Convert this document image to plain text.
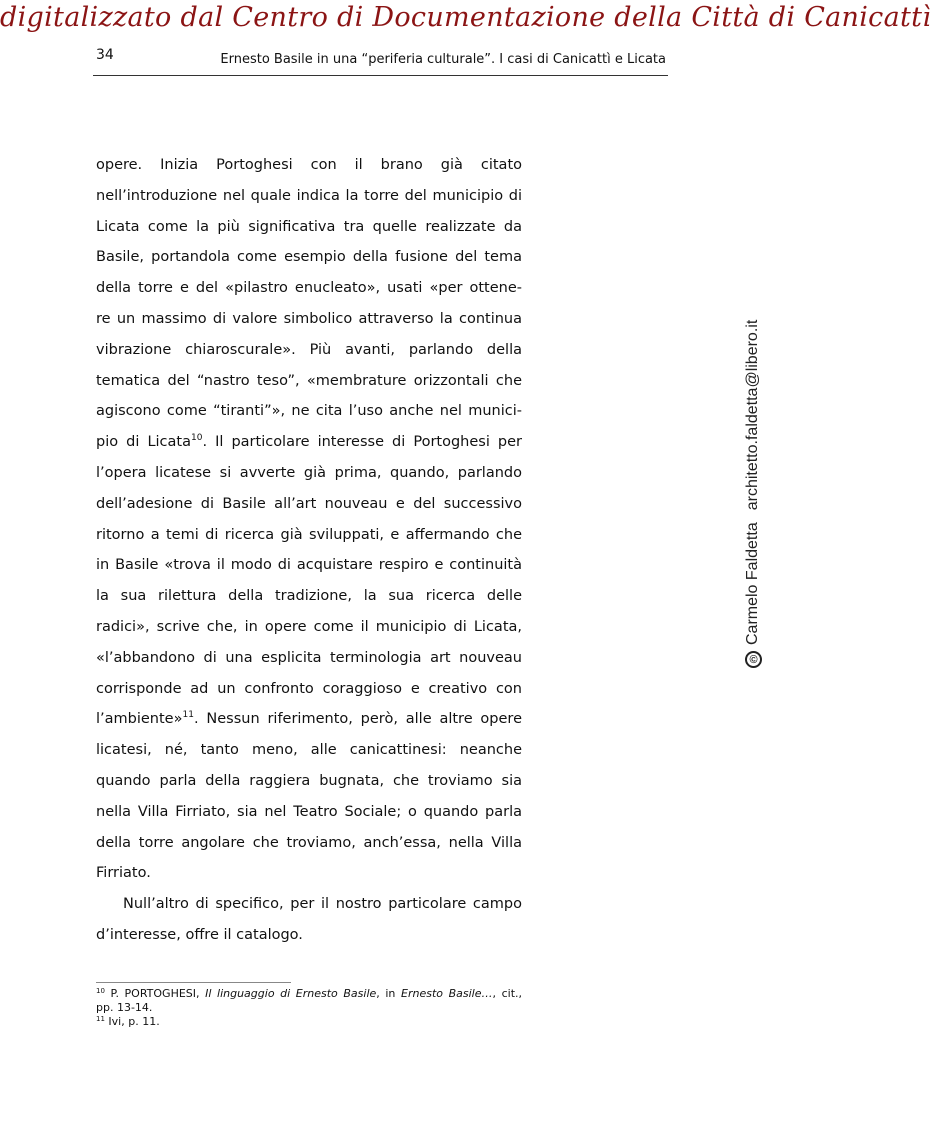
digitalizzato dal Centro di Documentazione della Città di Canicattì
34	Ernesto Basile in una “periferia culturale”. I casi di Canicattì e Licata
opere. Inizia Portoghesi con il brano già citato
nell’introduzione nel quale indica la torre del municipio di
Licata come la più significativa tra quelle realizzate da
Basile, portandola come esempio della fusione del tema
della torre e del «pilastro enucleato», usati «per ottene-
re un massimo di valore simbolico attraverso la continua
vibrazione chiaroscurale». Più avanti, parlando della
tematica del “nastro teso”, «membrature orizzontali che
agiscono come “tiranti”», ne cita l’uso anche nel munici-
pio di Licata$^{10}$. Il particolare interesse di Portoghesi per
l’opera licatese si avverte già prima, quando, parlando
dell’adesione di Basile all’art nouveau e del successivo
ritorno a temi di ricerca già sviluppati, e affermando che
in Basile «trova il modo di acquistare respiro e continuità
la sua rilettura della tradizione, la sua ricerca delle
radici», scrive che, in opere come il municipio di Licata,
«l’abbandono di una esplicita terminologia art nouveau
corrisponde ad un confronto coraggioso e creativo con
l’ambiente»$^{11}$. Nessun riferimento, però, alle altre opere
licatesi, né, tanto meno, alle canicattinesi: neanche
quando parla della raggiera bugnata, che troviamo sia
nella Villa Firriato, sia nel Teatro Sociale; o quando parla
della torre angolare che troviamo, anch’essa, nella Villa
Firriato.
Null’altro di specifico, per il nostro particolare campo
d’interesse, offre il catalogo.
$^{10}$ P. PORTOGHESI, Il linguaggio di Ernesto Basile, in Ernesto Basile…, cit.,
pp. 13-14.
$^{11}$ Ivi, p. 11.
©
Carmelo Faldetta
architetto.faldetta@libero.it
